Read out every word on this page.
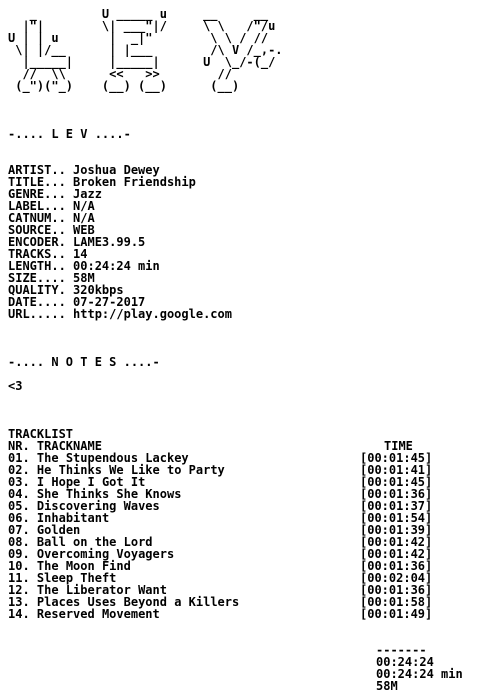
_         U _____ u     __     __
|"|        \| ___"|/     \ \   /"/u
U | | u       |  _|"        \ \ / //
\| |/__      | |___        /\ V /_,-.
|_____|     |_____|      U  \_/-(_/
//  \\      <<   >>        //
(_")("_)    (__) (__)      (__)
-.... L E V ....-
ARTIST.. Joshua Dewey
TITLE... Broken Friendship
GENRE... Jazz
LABEL... N/A
CATNUM.. N/A
SOURCE.. WEB
ENCODER. LAME3.99.5
TRACKS.. 14
LENGTH.. 00:24:24 min
SIZE.... 58M
QUALITY. 320kbps
DATE.... 07-27-2017
URL..... http://play.google.com
-.... N O T E S ....-
<3
TRACKLIST
NR. TRACKNAME	TIME
01. The Stupendous Lackey	[00:01:45]
02. He Thinks We Like to Party	[00:01:41]
03. I Hope I Got It	[00:01:45]
04. She Thinks She Knows	[00:01:36]
05. Discovering Waves	[00:01:37]
06. Inhabitant	[00:01:54]
07. Golden	[00:01:39]
08. Ball on the Lord	[00:01:42]
09. Overcoming Voyagers	[00:01:42]
10. The Moon Find	[00:01:36]
11. Sleep Theft	[00:02:04]
12. The Liberator Want	[00:01:36]
13. Places Uses Beyond a Killers	[00:01:58]
14. Reserved Movement	[00:01:49]
-------
00:24:24
00:24:24 min
58M
